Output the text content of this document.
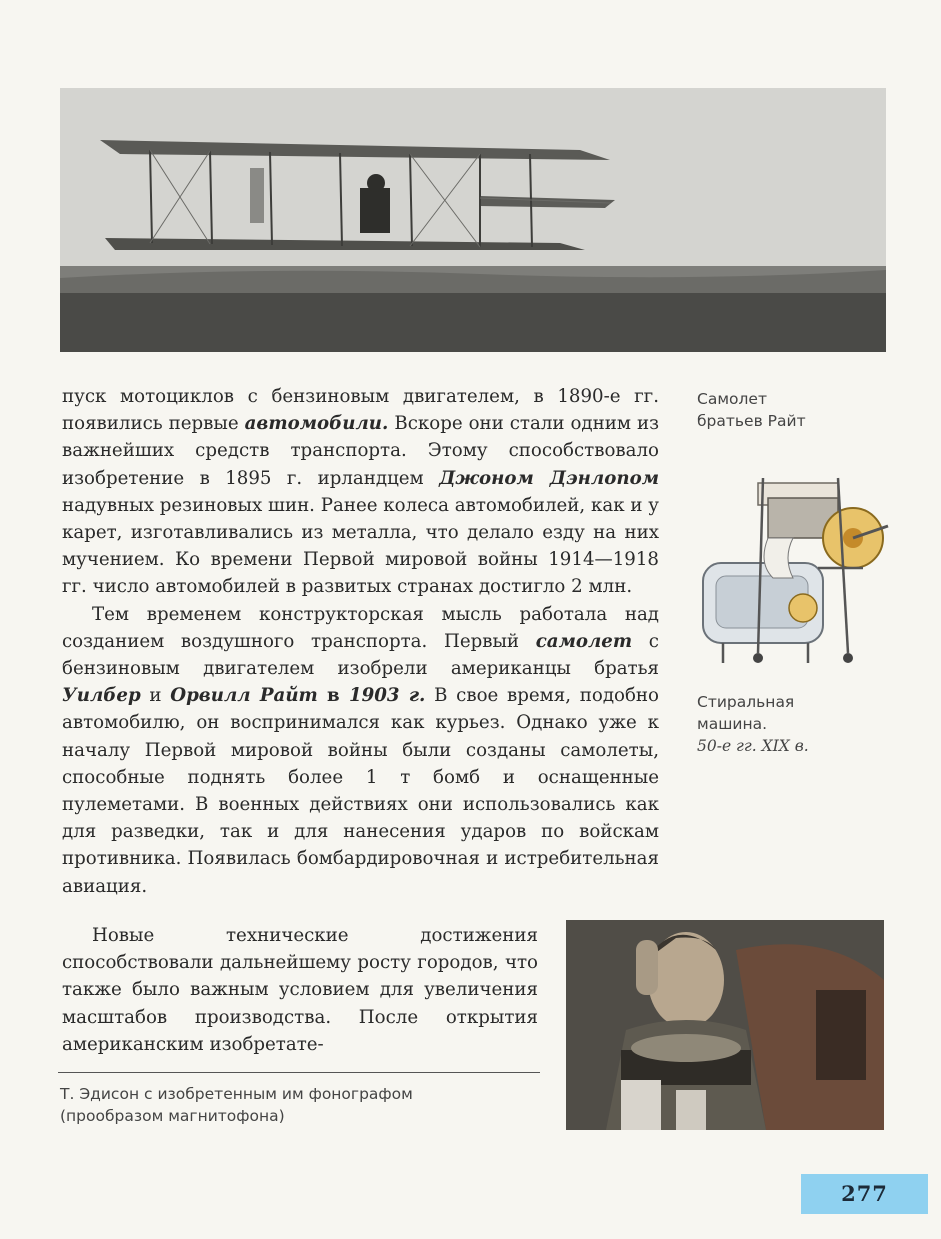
пуск мотоциклов с бензиновым двигателем, в 1890-е гг. появились первые автомобили. Вскоре они стали одним из важнейших средств транспорта. Этому способствовало изобретение в 1895 г. ирландцем Джоном Дэнлопом надувных резиновых шин. Ранее колеса автомобилей, как и у карет, изготавливались из металла, что делало езду на них мучением. Ко времени Первой мировой войны 1914—1918 гг. число автомобилей в развитых странах достигло 2 млн.

Тем временем конструкторская мысль работала над созданием воздушного транспорта. Первый самолет с бензиновым двигателем изобрели американцы братья Уилбер и Орвилл Райт в 1903 г. В свое время, подобно автомобилю, он воспринимался как курьез. Однако уже к началу Первой мировой войны были созданы самолеты, способные поднять более 1 т бомб и оснащенные пулеметами. В военных действиях они использовались как для разведки, так и для нанесения ударов по войскам противника. Появилась бомбардировочная и истребительная авиация.

Новые технические достижения способствовали дальнейшему росту городов, что также было важным условием для увеличения масштабов производства. После открытия американским изобретате-

Самолет
братьев Райт
Стиральная
машина.
50-е гг. XIX в.
Т. Эдисон с изобретенным им фонографом
(прообразом магнитофона)
277
